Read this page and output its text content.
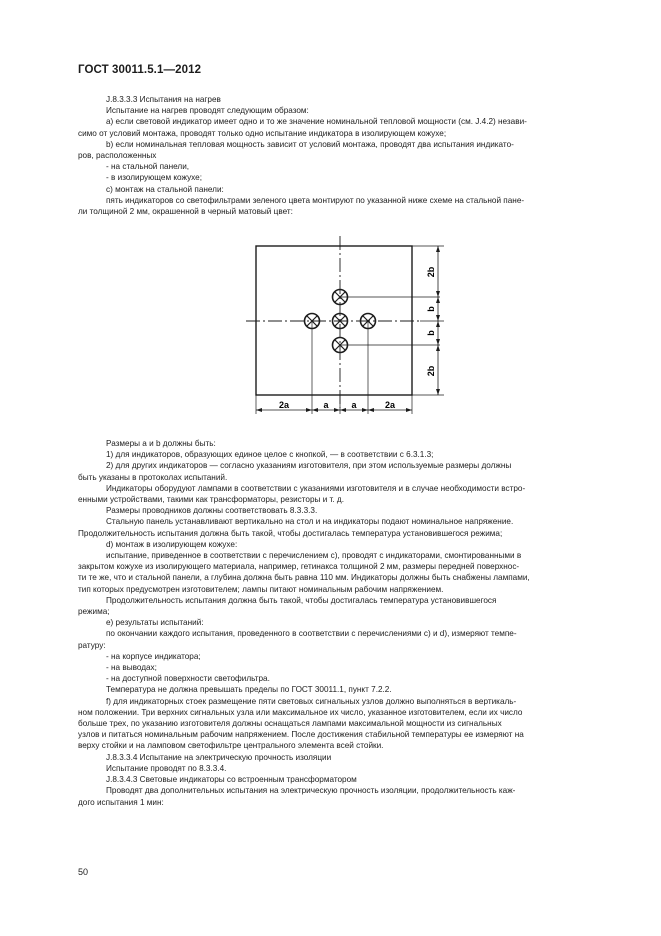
ГОСТ 30011.5.1—2012

J.8.3.3.3 Испытания на нагрев

Испытание на нагрев проводят следующим образом:

а) если световой индикатор имеет одно и то же значение номинальной тепловой мощности (см. J.4.2) незави-

симо от условий монтажа, проводят только одно испытание индикатора в изолирующем кожухе;

b) если номинальная тепловая мощность зависит от условий монтажа, проводят два испытания индикато-

ров, расположенных

- на стальной панели,

- в изолирующем кожухе;

c) монтаж на стальной панели:

пять индикаторов со светофильтрами зеленого цвета монтируют по указанной ниже схеме на стальной пане-

ли толщиной 2 мм, окрашенной в черный матовый цвет:

2b
b
b
2b
2a	a	a	2a

Размеры a и b должны быть:

1) для индикаторов, образующих единое целое с кнопкой, — в соответствии с 6.3.1.3;

2) для других индикаторов — согласно указаниям изготовителя, при этом используемые размеры должны

быть указаны в протоколах испытаний.

Индикаторы оборудуют лампами в соответствии с указаниями изготовителя и в случае необходимости встро-

енными устройствами, такими как трансформаторы, резисторы и т. д.

Размеры проводников должны соответствовать 8.3.3.3.

Стальную панель устанавливают вертикально на стол и на индикаторы подают номинальное напряжение.

Продолжительность испытания должна быть такой, чтобы достигалась температура установившегося режима;

d) монтаж в изолирующем кожухе:

испытание, приведенное в соответствии с перечислением c), проводят с индикаторами, смонтированными в

закрытом кожухе из изолирующего материала, например, гетинакса толщиной 2 мм, размеры передней поверхнос-

ти те же, что и стальной панели, а глубина должна быть равна 110 мм. Индикаторы должны быть снабжены лампами,

тип которых предусмотрен изготовителем; лампы питают номинальным рабочим напряжением.

Продолжительность испытания должна быть такой, чтобы достигалась температура установившегося

режима;

e) результаты испытаний:

по окончании каждого испытания, проведенного в соответствии с перечислениями c) и d), измеряют темпе-

ратуру:

- на корпусе индикатора;

- на выводах;

- на доступной поверхности светофильтра.

Температура не должна превышать пределы по ГОСТ 30011.1, пункт 7.2.2.

f) для индикаторных стоек размещение пяти световых сигнальных узлов должно выполняться в вертикаль-

ном положении. Три верхних сигнальных узла или максимальное их число, указанное изготовителем, если их число

больше трех, по указанию изготовителя должны оснащаться лампами максимальной мощности из сигнальных

узлов и питаться номинальным рабочим напряжением. После достижения стабильной температуры ее измеряют на

верху стойки и на ламповом светофильтре центрального элемента всей стойки.

J.8.3.3.4 Испытание на электрическую прочность изоляции

Испытание проводят по 8.3.3.4.

J.8.3.4.3 Световые индикаторы со встроенным трансформатором

Проводят два дополнительных испытания на электрическую прочность изоляции, продолжительность каж-

дого испытания 1 мин:

50
